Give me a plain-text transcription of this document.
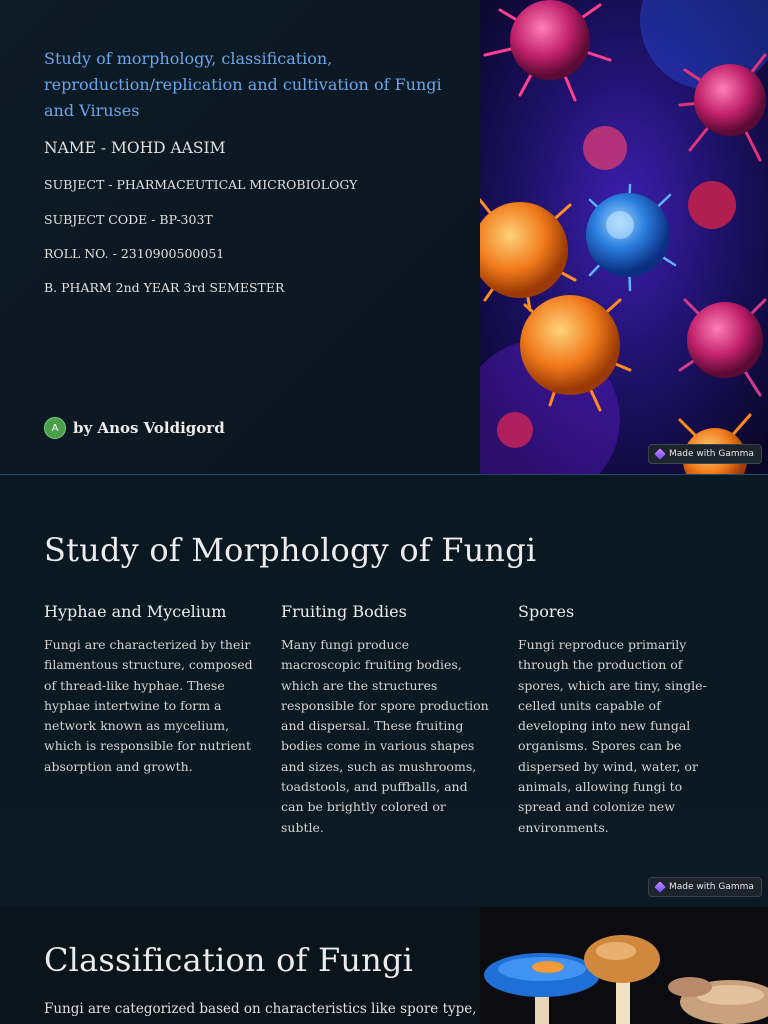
Study of morphology, classification, reproduction/replication and cultivation of Fungi and Viruses
NAME - MOHD AASIM
SUBJECT - PHARMACEUTICAL MICROBIOLOGY
SUBJECT CODE - BP-303T
ROLL NO. - 2310900500051
B. PHARM 2nd YEAR 3rd SEMESTER
A by Anos Voldigord
Made with Gamma
Study of Morphology of Fungi
Hyphae and Mycelium

Fungi are characterized by their filamentous structure, composed of thread-like hyphae. These hyphae intertwine to form a network known as mycelium, which is responsible for nutrient absorption and growth.

Fruiting Bodies

Many fungi produce macroscopic fruiting bodies, which are the structures responsible for spore production and dispersal. These fruiting bodies come in various shapes and sizes, such as mushrooms, toadstools, and puffballs, and can be brightly colored or subtle.

Spores

Fungi reproduce primarily through the production of spores, which are tiny, single-celled units capable of developing into new fungal organisms. Spores can be dispersed by wind, water, or animals, allowing fungi to spread and colonize new environments.

Made with Gamma
Classification of Fungi
Fungi are categorized based on characteristics like spore type,
